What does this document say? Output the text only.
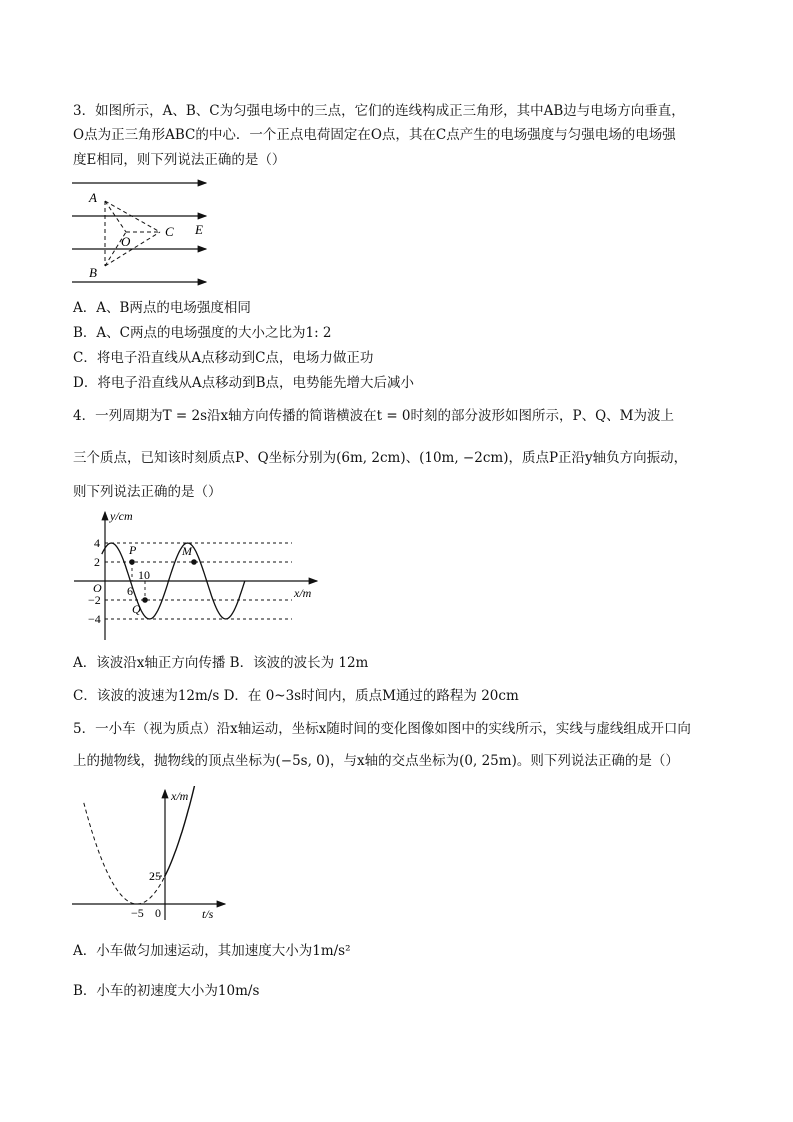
3．如图所示，A、B、C为匀强电场中的三点，它们的连线构成正三角形，其中AB边与电场方向垂直，
O点为正三角形ABC的中心．一个正点电荷固定在O点，其在C点产生的电场强度与匀强电场的电场强
度E相同，则下列说法正确的是（）
A
B
C
O
E
A．A、B两点的电场强度相同
B．A、C两点的电场强度的大小之比为1: 2
C．将电子沿直线从A点移动到C点，电场力做正功
D．将电子沿直线从A点移动到B点，电势能先增大后减小
4．一列周期为T = 2s沿x轴方向传播的简谐横波在t = 0时刻的部分波形如图所示，P、Q、M为波上
三个质点，已知该时刻质点P、Q坐标分别为(6m, 2cm)、(10m, −2cm)，质点P正沿y轴负方向振动，
则下列说法正确的是（）
y/cm
x/m
4
2
−2
−4
O 6
10
P
Q
M
A．该波沿x轴正方向传播 B．该波的波长为 12m
C．该波的波速为12m/s D．在 0~3s时间内，质点M通过的路程为 20cm
5．一小车（视为质点）沿x轴运动，坐标x随时间的变化图像如图中的实线所示，实线与虚线组成开口向
上的抛物线，抛物线的顶点坐标为(−5s, 0)，与x轴的交点坐标为(0, 25m)。则下列说法正确的是（）
x/m
t/s
25
−5 0
A．小车做匀加速运动，其加速度大小为1m/s²
B．小车的初速度大小为10m/s
